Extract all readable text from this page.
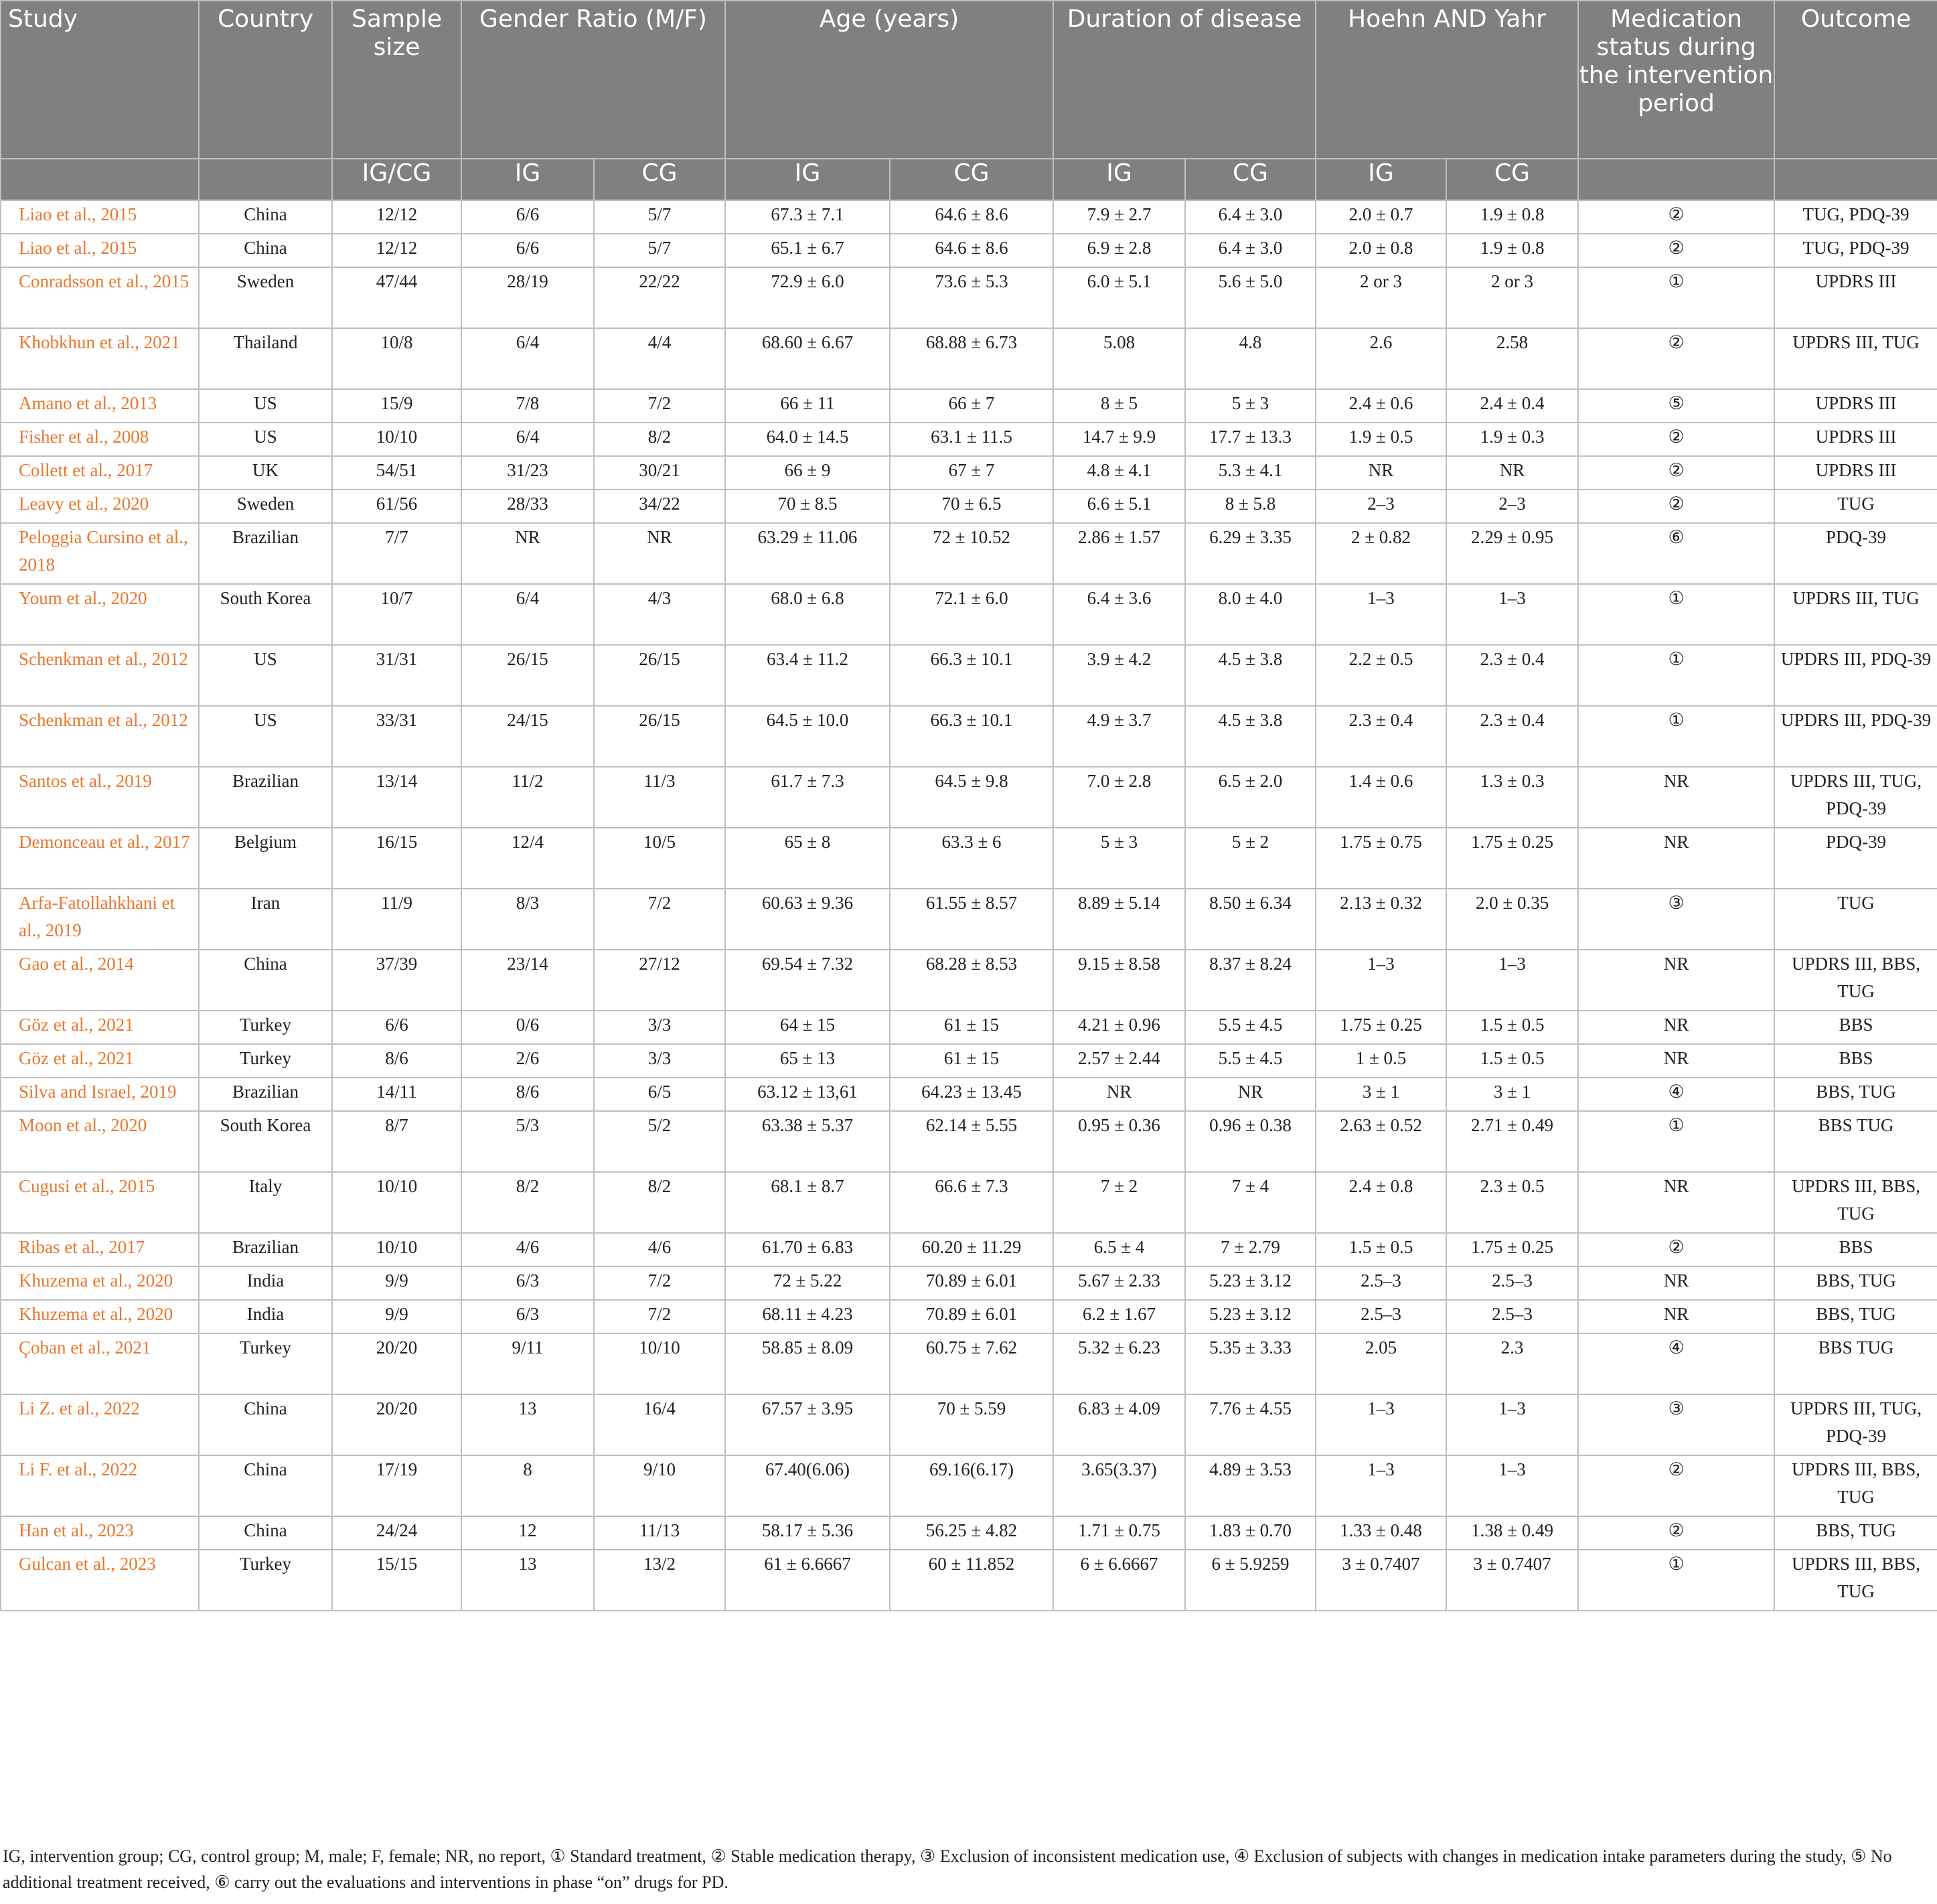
Study	Country	Sample size	Gender Ratio (M/F)		Age (years)		Duration of disease		Hoehn AND Yahr		Medication status during the intervention period	Outcome
		IG/CG	IG	CG	IG	CG	IG	CG	IG	CG		
Liao et al., 2015	China	12/12	6/6	5/7	67.3 ± 7.1	64.6 ± 8.6	7.9 ± 2.7	6.4 ± 3.0	2.0 ± 0.7	1.9 ± 0.8	②	TUG, PDQ-39
Liao et al., 2015	China	12/12	6/6	5/7	65.1 ± 6.7	64.6 ± 8.6	6.9 ± 2.8	6.4 ± 3.0	2.0 ± 0.8	1.9 ± 0.8	②	TUG, PDQ-39
Conradsson et al., 2015	Sweden	47/44	28/19	22/22	72.9 ± 6.0	73.6 ± 5.3	6.0 ± 5.1	5.6 ± 5.0	2 or 3	2 or 3	①	UPDRS III
Khobkhun et al., 2021	Thailand	10/8	6/4	4/4	68.60 ± 6.67	68.88 ± 6.73	5.08	4.8	2.6	2.58	②	UPDRS III, TUG
Amano et al., 2013	US	15/9	7/8	7/2	66 ± 11	66 ± 7	8 ± 5	5 ± 3	2.4 ± 0.6	2.4 ± 0.4	⑤	UPDRS III
Fisher et al., 2008	US	10/10	6/4	8/2	64.0 ± 14.5	63.1 ± 11.5	14.7 ± 9.9	17.7 ± 13.3	1.9 ± 0.5	1.9 ± 0.3	②	UPDRS III
Collett et al., 2017	UK	54/51	31/23	30/21	66 ± 9	67 ± 7	4.8 ± 4.1	5.3 ± 4.1	NR	NR	②	UPDRS III
Leavy et al., 2020	Sweden	61/56	28/33	34/22	70 ± 8.5	70 ± 6.5	6.6 ± 5.1	8 ± 5.8	2–3	2–3	②	TUG
Peloggia Cursino et al., 2018	Brazilian	7/7	NR	NR	63.29 ± 11.06	72 ± 10.52	2.86 ± 1.57	6.29 ± 3.35	2 ± 0.82	2.29 ± 0.95	⑥	PDQ-39
Youm et al., 2020	South Korea	10/7	6/4	4/3	68.0 ± 6.8	72.1 ± 6.0	6.4 ± 3.6	8.0 ± 4.0	1–3	1–3	①	UPDRS III, TUG
Schenkman et al., 2012	US	31/31	26/15	26/15	63.4 ± 11.2	66.3 ± 10.1	3.9 ± 4.2	4.5 ± 3.8	2.2 ± 0.5	2.3 ± 0.4	①	UPDRS III, PDQ-39
Schenkman et al., 2012	US	33/31	24/15	26/15	64.5 ± 10.0	66.3 ± 10.1	4.9 ± 3.7	4.5 ± 3.8	2.3 ± 0.4	2.3 ± 0.4	①	UPDRS III, PDQ-39
Santos et al., 2019	Brazilian	13/14	11/2	11/3	61.7 ± 7.3	64.5 ± 9.8	7.0 ± 2.8	6.5 ± 2.0	1.4 ± 0.6	1.3 ± 0.3	NR	UPDRS III, TUG, PDQ-39
Demonceau et al., 2017	Belgium	16/15	12/4	10/5	65 ± 8	63.3 ± 6	5 ± 3	5 ± 2	1.75 ± 0.75	1.75 ± 0.25	NR	PDQ-39
Arfa-Fatollahkhani et al., 2019	Iran	11/9	8/3	7/2	60.63 ± 9.36	61.55 ± 8.57	8.89 ± 5.14	8.50 ± 6.34	2.13 ± 0.32	2.0 ± 0.35	③	TUG
Gao et al., 2014	China	37/39	23/14	27/12	69.54 ± 7.32	68.28 ± 8.53	9.15 ± 8.58	8.37 ± 8.24	1–3	1–3	NR	UPDRS III, BBS, TUG
Göz et al., 2021	Turkey	6/6	0/6	3/3	64 ± 15	61 ± 15	4.21 ± 0.96	5.5 ± 4.5	1.75 ± 0.25	1.5 ± 0.5	NR	BBS
Göz et al., 2021	Turkey	8/6	2/6	3/3	65 ± 13	61 ± 15	2.57 ± 2.44	5.5 ± 4.5	1 ± 0.5	1.5 ± 0.5	NR	BBS
Silva and Israel, 2019	Brazilian	14/11	8/6	6/5	63.12 ± 13,61	64.23 ± 13.45	NR	NR	3 ± 1	3 ± 1	④	BBS, TUG
Moon et al., 2020	South Korea	8/7	5/3	5/2	63.38 ± 5.37	62.14 ± 5.55	0.95 ± 0.36	0.96 ± 0.38	2.63 ± 0.52	2.71 ± 0.49	①	BBS TUG
Cugusi et al., 2015	Italy	10/10	8/2	8/2	68.1 ± 8.7	66.6 ± 7.3	7 ± 2	7 ± 4	2.4 ± 0.8	2.3 ± 0.5	NR	UPDRS III, BBS, TUG
Ribas et al., 2017	Brazilian	10/10	4/6	4/6	61.70 ± 6.83	60.20 ± 11.29	6.5 ± 4	7 ± 2.79	1.5 ± 0.5	1.75 ± 0.25	②	BBS
Khuzema et al., 2020	India	9/9	6/3	7/2	72 ± 5.22	70.89 ± 6.01	5.67 ± 2.33	5.23 ± 3.12	2.5–3	2.5–3	NR	BBS, TUG
Khuzema et al., 2020	India	9/9	6/3	7/2	68.11 ± 4.23	70.89 ± 6.01	6.2 ± 1.67	5.23 ± 3.12	2.5–3	2.5–3	NR	BBS, TUG
Çoban et al., 2021	Turkey	20/20	9/11	10/10	58.85 ± 8.09	60.75 ± 7.62	5.32 ± 6.23	5.35 ± 3.33	2.05	2.3	④	BBS TUG
Li Z. et al., 2022	China	20/20	13	16/4	67.57 ± 3.95	70 ± 5.59	6.83 ± 4.09	7.76 ± 4.55	1–3	1–3	③	UPDRS III, TUG, PDQ-39
Li F. et al., 2022	China	17/19	8	9/10	67.40(6.06)	69.16(6.17)	3.65(3.37)	4.89 ± 3.53	1–3	1–3	②	UPDRS III, BBS, TUG
Han et al., 2023	China	24/24	12	11/13	58.17 ± 5.36	56.25 ± 4.82	1.71 ± 0.75	1.83 ± 0.70	1.33 ± 0.48	1.38 ± 0.49	②	BBS, TUG
Gulcan et al., 2023	Turkey	15/15	13	13/2	61 ± 6.6667	60 ± 11.852	6 ± 6.6667	6 ± 5.9259	3 ± 0.7407	3 ± 0.7407	①	UPDRS III, BBS, TUG
IG, intervention group; CG, control group; M, male; F, female; NR, no report, ① Standard treatment, ② Stable medication therapy, ③ Exclusion of inconsistent medication use, ④ Exclusion of subjects with changes in medication intake parameters during the study, ⑤ No additional treatment received, ⑥ carry out the evaluations and interventions in phase “on” drugs for PD.
